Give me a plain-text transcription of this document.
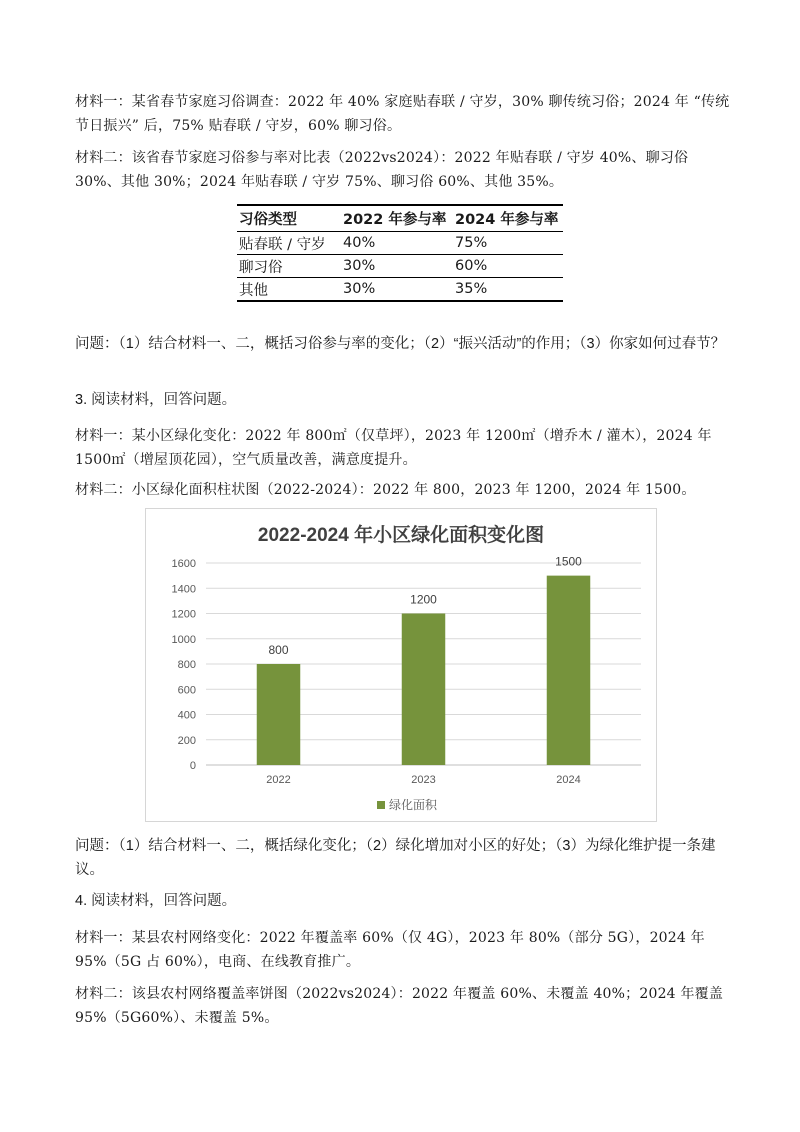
材料一：某省春节家庭习俗调查：2022 年 40% 家庭贴春联 / 守岁，30% 聊传统习俗；2024 年 “传统节日振兴” 后，75% 贴春联 / 守岁，60% 聊习俗。

材料二：该省春节家庭习俗参与率对比表（2022vs2024）：2022 年贴春联 / 守岁 40%、聊习俗 30%、其他 30%；2024 年贴春联 / 守岁 75%、聊习俗 60%、其他 35%。

习俗类型	2022 年参与率	2024 年参与率
贴春联 / 守岁	40%	75%
聊习俗	30%	60%
其他	30%	35%

问题：（1）结合材料一、二，概括习俗参与率的变化；（2）“振兴活动”的作用；（3）你家如何过春节？

3. 阅读材料，回答问题。

材料一：某小区绿化变化：2022 年 800㎡（仅草坪），2023 年 1200㎡（增乔木 / 灌木），2024 年 1500㎡（增屋顶花园），空气质量改善，满意度提升。

材料二：小区绿化面积柱状图（2022-2024）：2022 年 800，2023 年 1200，2024 年 1500。

2022-2024 年小区绿化面积变化图
0
200
400
600
800
1000
1200
1400
1600
800
2022
1200
2023
1500
2024
绿化面积

问题：（1）结合材料一、二，概括绿化变化；（2）绿化增加对小区的好处；（3）为绿化维护提一条建议。

4. 阅读材料，回答问题。

材料一：某县农村网络变化：2022 年覆盖率 60%（仅 4G），2023 年 80%（部分 5G），2024 年 95%（5G 占 60%），电商、在线教育推广。

材料二：该县农村网络覆盖率饼图（2022vs2024）：2022 年覆盖 60%、未覆盖 40%；2024 年覆盖 95%（5G60%）、未覆盖 5%。
